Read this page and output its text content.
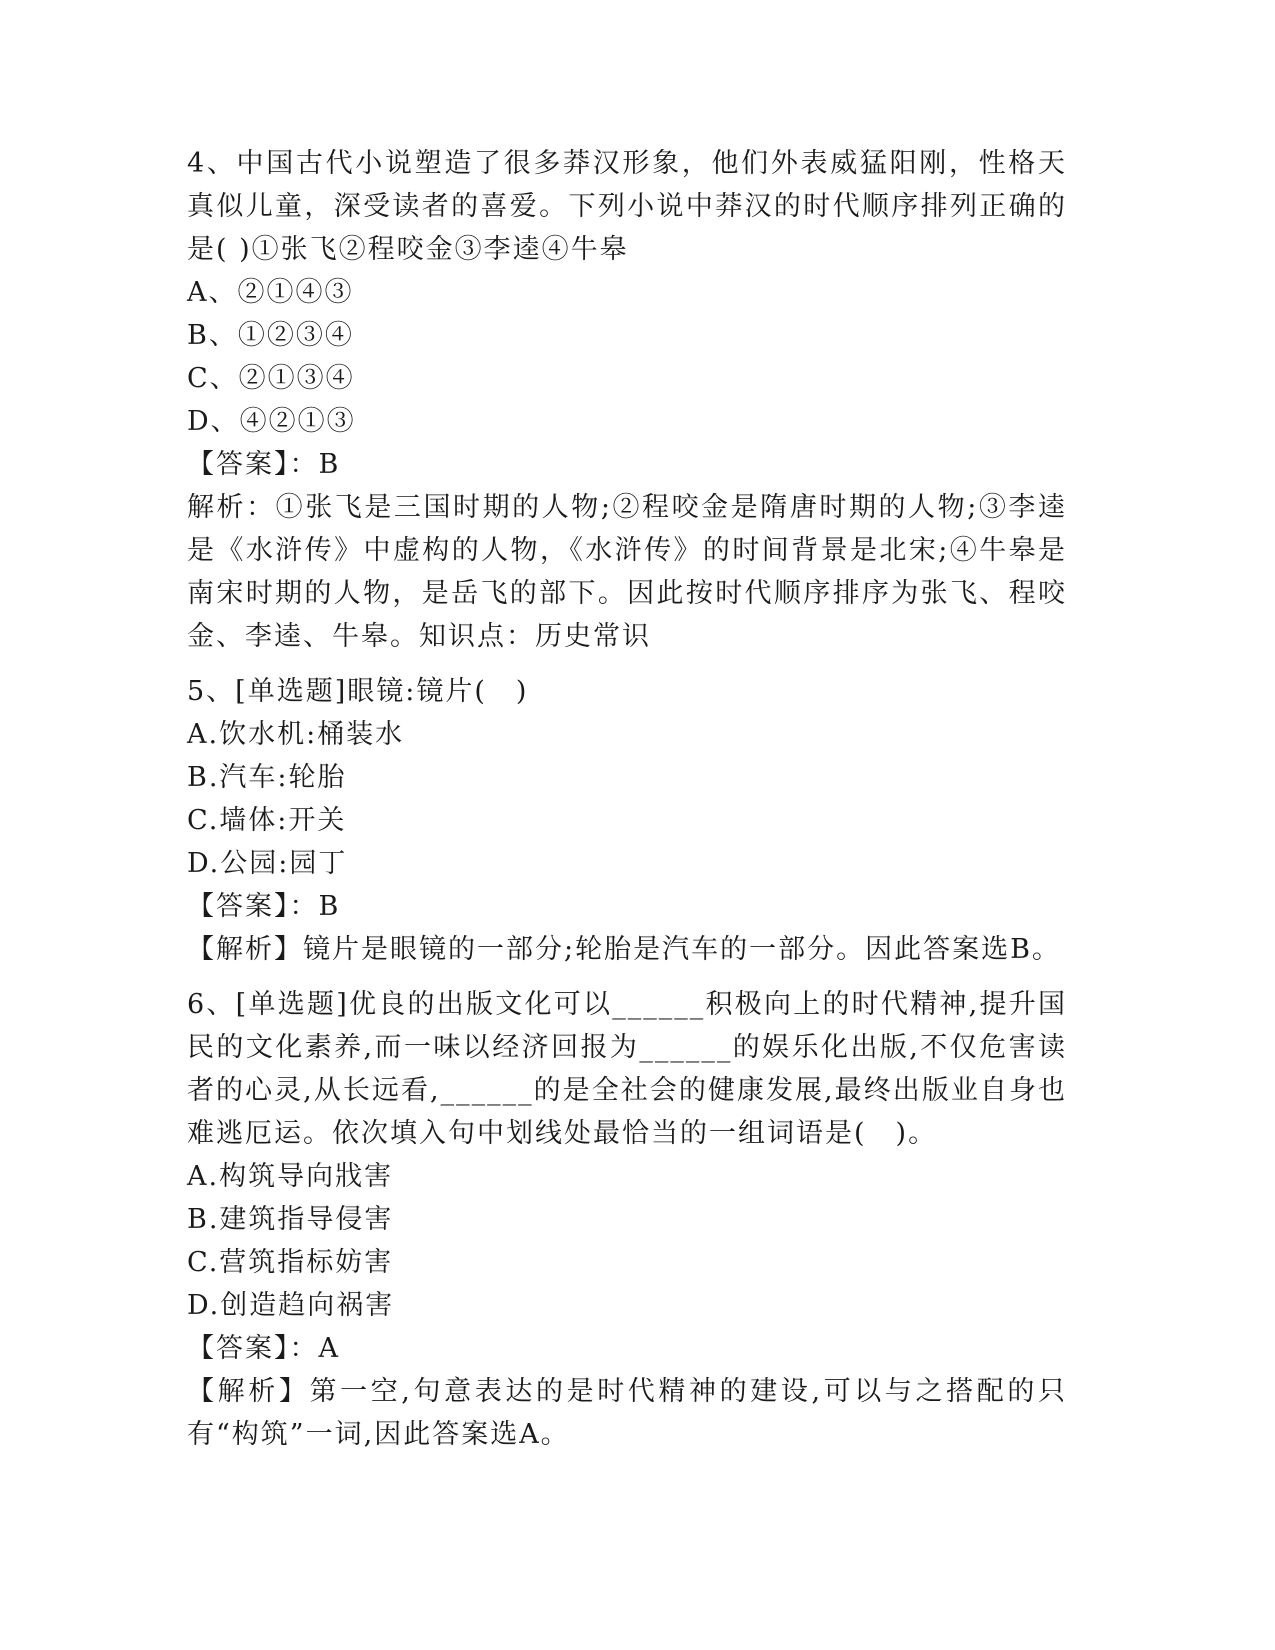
4、中国古代小说塑造了很多莽汉形象，他们外表威猛阳刚，性格天真似儿童，深受读者的喜爱。下列小说中莽汉的时代顺序排列正确的是( )①张飞②程咬金③李逵④牛皋

A、②①④③

B、①②③④

C、②①③④

D、④②①③

【答案】：B

解析：①张飞是三国时期的人物;②程咬金是隋唐时期的人物;③李逵是《水浒传》中虚构的人物，《水浒传》的时间背景是北宋;④牛皋是南宋时期的人物，是岳飞的部下。因此按时代顺序排序为张飞、程咬金、李逵、牛皋。知识点：历史常识

5、[单选题]眼镜:镜片(　)

A.饮水机:桶装水

B.汽车:轮胎

C.墙体:开关

D.公园:园丁

【答案】：B

【解析】镜片是眼镜的一部分;轮胎是汽车的一部分。因此答案选B。

6、[单选题]优良的出版文化可以______积极向上的时代精神,提升国民的文化素养,而一味以经济回报为______的娱乐化出版,不仅危害读者的心灵,从长远看,______的是全社会的健康发展,最终出版业自身也难逃厄运。依次填入句中划线处最恰当的一组词语是(　)。

A.构筑导向戕害

B.建筑指导侵害

C.营筑指标妨害

D.创造趋向祸害

【答案】：A

【解析】第一空,句意表达的是时代精神的建设,可以与之搭配的只有“构筑”一词,因此答案选A。
